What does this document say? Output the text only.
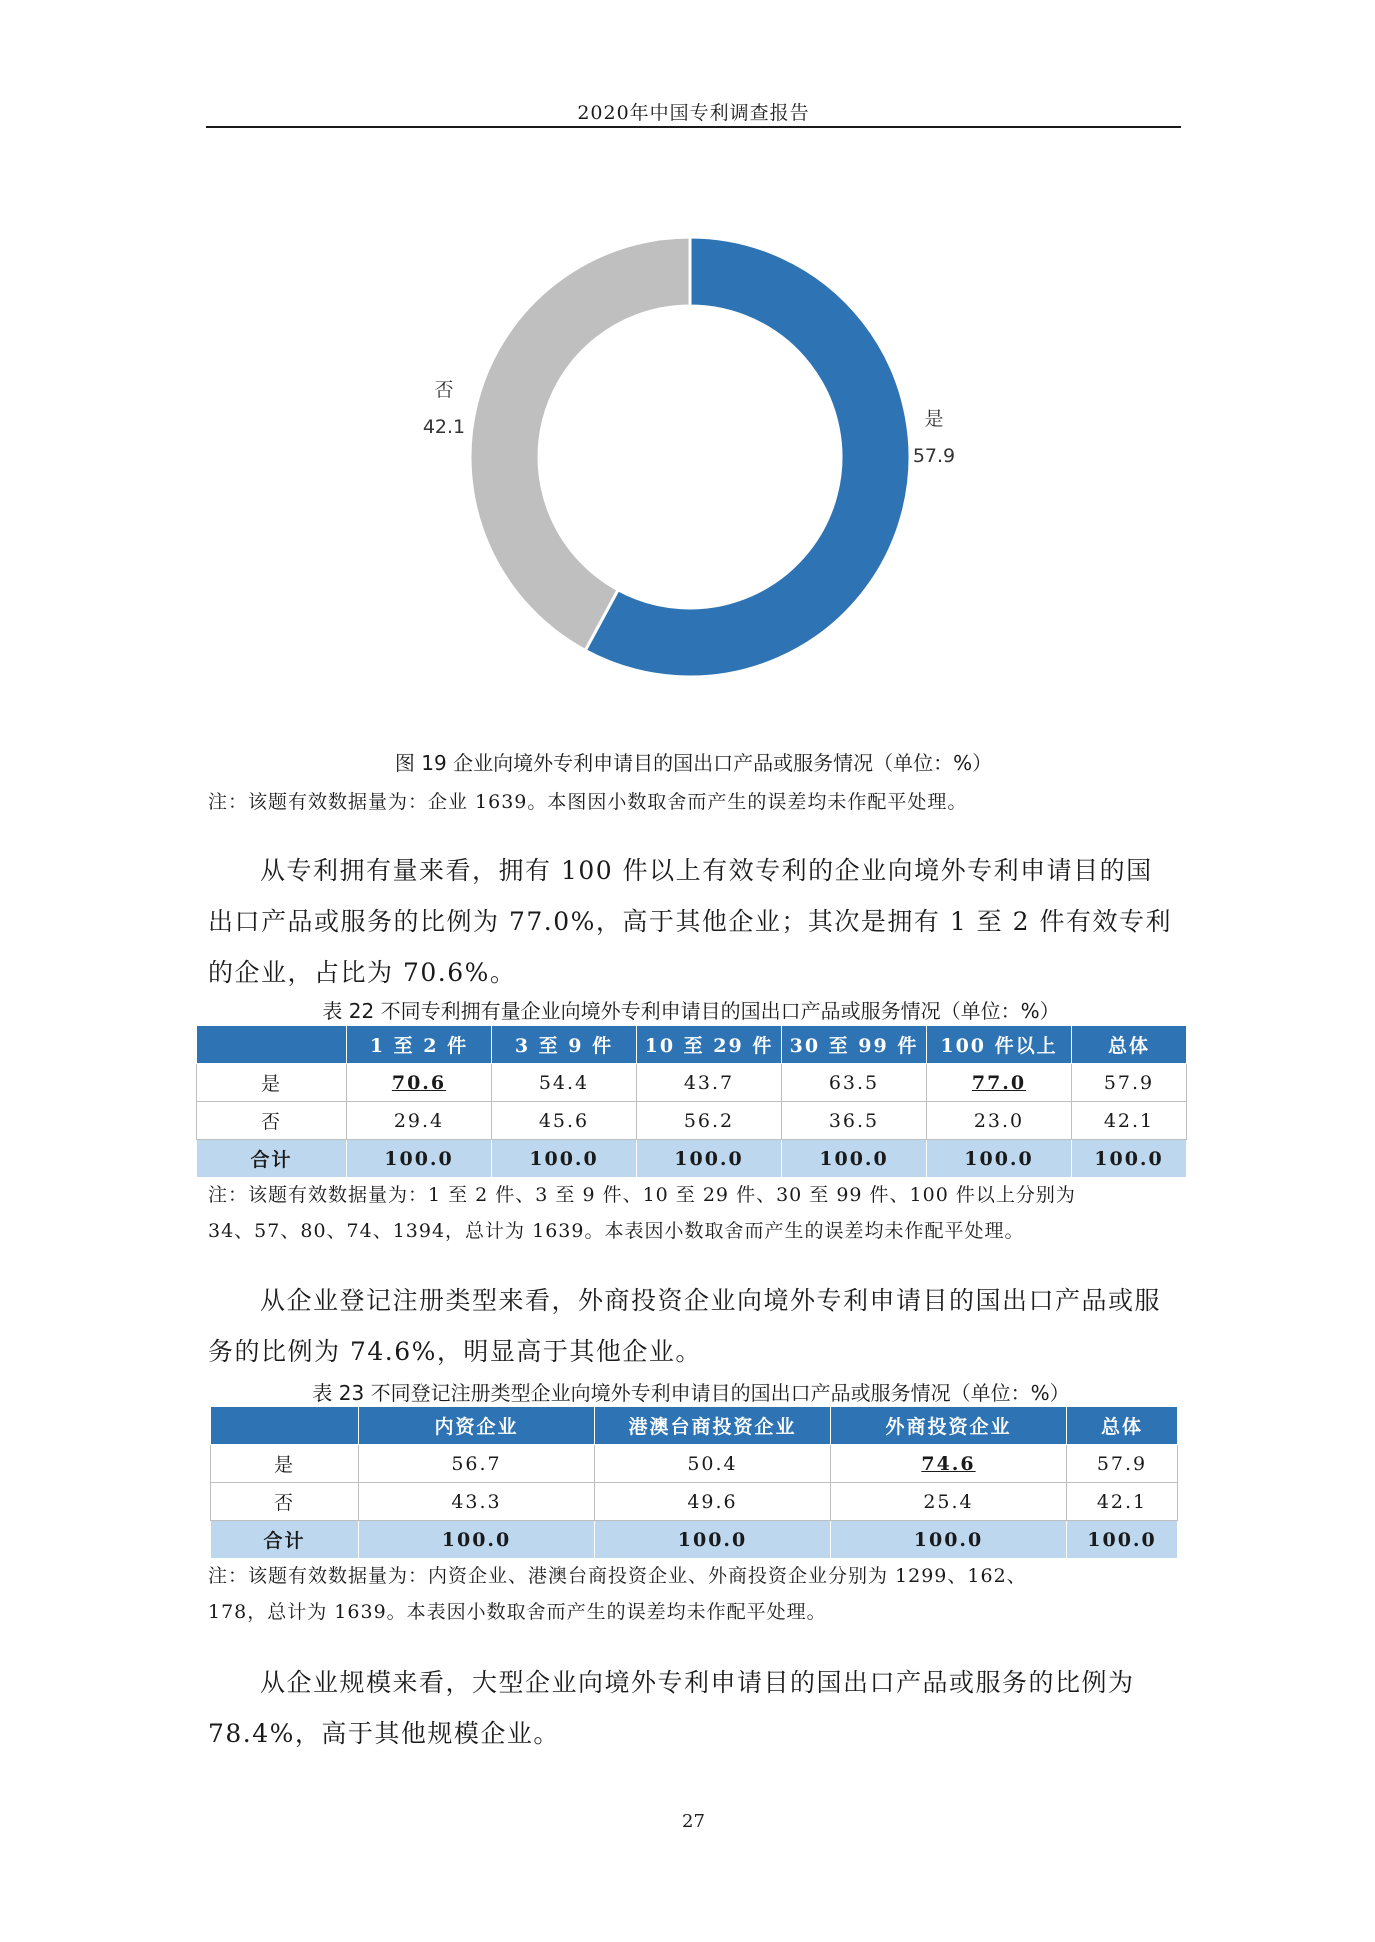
2020年中国专利调查报告
否
42.1	是
57.9
图 19 企业向境外专利申请目的国出口产品或服务情况（单位：%）
注：该题有效数据量为：企业 1639。本图因小数取舍而产生的误差均未作配平处理。
从专利拥有量来看，拥有 100 件以上有效专利的企业向境外专利申请目的国出口产品或服务的比例为 77.0%，高于其他企业；其次是拥有 1 至 2 件有效专利的企业，占比为 70.6%。
表 22 不同专利拥有量企业向境外专利申请目的国出口产品或服务情况（单位：%）
	1 至 2 件	3 至 9 件	10 至 29 件	30 至 99 件	100 件以上	总体
是	70.6	54.4	43.7	63.5	77.0	57.9
否	29.4	45.6	56.2	36.5	23.0	42.1
合计	100.0	100.0	100.0	100.0	100.0	100.0
注：该题有效数据量为：1 至 2 件、3 至 9 件、10 至 29 件、30 至 99 件、100 件以上分别为
34、57、80、74、1394，总计为 1639。本表因小数取舍而产生的误差均未作配平处理。
从企业登记注册类型来看，外商投资企业向境外专利申请目的国出口产品或服务的比例为 74.6%，明显高于其他企业。
表 23 不同登记注册类型企业向境外专利申请目的国出口产品或服务情况（单位：%）
	内资企业	港澳台商投资企业	外商投资企业	总体
是	56.7	50.4	74.6	57.9
否	43.3	49.6	25.4	42.1
合计	100.0	100.0	100.0	100.0
注：该题有效数据量为：内资企业、港澳台商投资企业、外商投资企业分别为 1299、162、
178，总计为 1639。本表因小数取舍而产生的误差均未作配平处理。
从企业规模来看，大型企业向境外专利申请目的国出口产品或服务的比例为 78.4%，高于其他规模企业。
27
